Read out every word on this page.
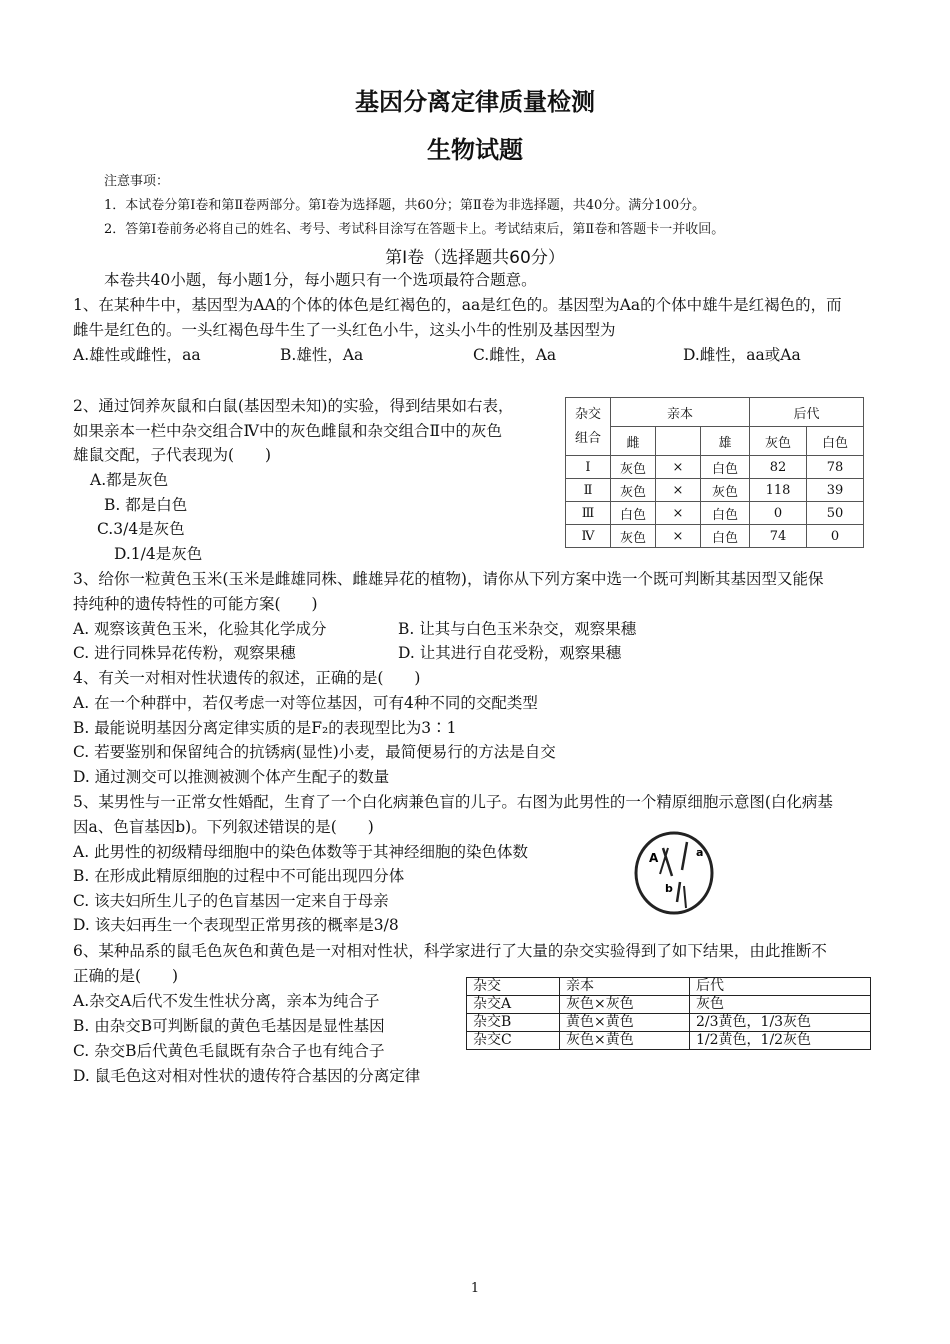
基因分离定律质量检测
生物试题
注意事项：
1．本试卷分第Ⅰ卷和第Ⅱ卷两部分。第Ⅰ卷为选择题，共60分；第Ⅱ卷为非选择题，共40分。满分100分。
2．答第Ⅰ卷前务必将自己的姓名、考号、考试科目涂写在答题卡上。考试结束后，第Ⅱ卷和答题卡一并收回。
第Ⅰ卷（选择题共60分）
本卷共40小题，每小题1分，每小题只有一个选项最符合题意。
1、在某种牛中，基因型为AA的个体的体色是红褐色的，aa是红色的。基因型为Aa的个体中雄牛是红褐色的，而
雌牛是红色的。一头红褐色母牛生了一头红色小牛，这头小牛的性别及基因型为
A.雄性或雌性，aa	B.雄性，Aa	C.雌性，Aa	D.雌性，aa或Aa
2、通过饲养灰鼠和白鼠(基因型未知)的实验，得到结果如右表，
如果亲本一栏中杂交组合Ⅳ中的灰色雌鼠和杂交组合Ⅱ中的灰色
雄鼠交配，子代表现为(　　)
A.都是灰色
B. 都是白色
C.3/4是灰色
D.1/4是灰色
杂交
组合	亲本			后代	
	雌		雄	灰色	白色
Ⅰ	灰色	×	白色	82	78
Ⅱ	灰色	×	灰色	118	39
Ⅲ	白色	×	白色	0	50
Ⅳ	灰色	×	白色	74	0
3、给你一粒黄色玉米(玉米是雌雄同株、雌雄异花的植物)，请你从下列方案中选一个既可判断其基因型又能保
持纯种的遗传特性的可能方案(　　)
A. 观察该黄色玉米，化验其化学成分	B. 让其与白色玉米杂交，观察果穗
C. 进行同株异花传粉，观察果穗	D. 让其进行自花受粉，观察果穗
4、有关一对相对性状遗传的叙述，正确的是(　　)
A. 在一个种群中，若仅考虑一对等位基因，可有4种不同的交配类型
B. 最能说明基因分离定律实质的是F₂的表现型比为3∶1
C. 若要鉴别和保留纯合的抗锈病(显性)小麦，最简便易行的方法是自交
D. 通过测交可以推测被测个体产生配子的数量
5、某男性与一正常女性婚配，生育了一个白化病兼色盲的儿子。右图为此男性的一个精原细胞示意图(白化病基
因a、色盲基因b)。下列叙述错误的是(　　)
A. 此男性的初级精母细胞中的染色体数等于其神经细胞的染色体数
B. 在形成此精原细胞的过程中不可能出现四分体
C. 该夫妇所生儿子的色盲基因一定来自于母亲
D. 该夫妇再生一个表现型正常男孩的概率是3/8
A	a
b
6、某种品系的鼠毛色灰色和黄色是一对相对性状，科学家进行了大量的杂交实验得到了如下结果，由此推断不
正确的是(　　)
A.杂交A后代不发生性状分离，亲本为纯合子
B. 由杂交B可判断鼠的黄色毛基因是显性基因
C. 杂交B后代黄色毛鼠既有杂合子也有纯合子
D. 鼠毛色这对相对性状的遗传符合基因的分离定律
杂交	亲本	后代
杂交A	灰色×灰色	灰色
杂交B	黄色×黄色	2/3黄色，1/3灰色
杂交C	灰色×黄色	1/2黄色，1/2灰色
1
